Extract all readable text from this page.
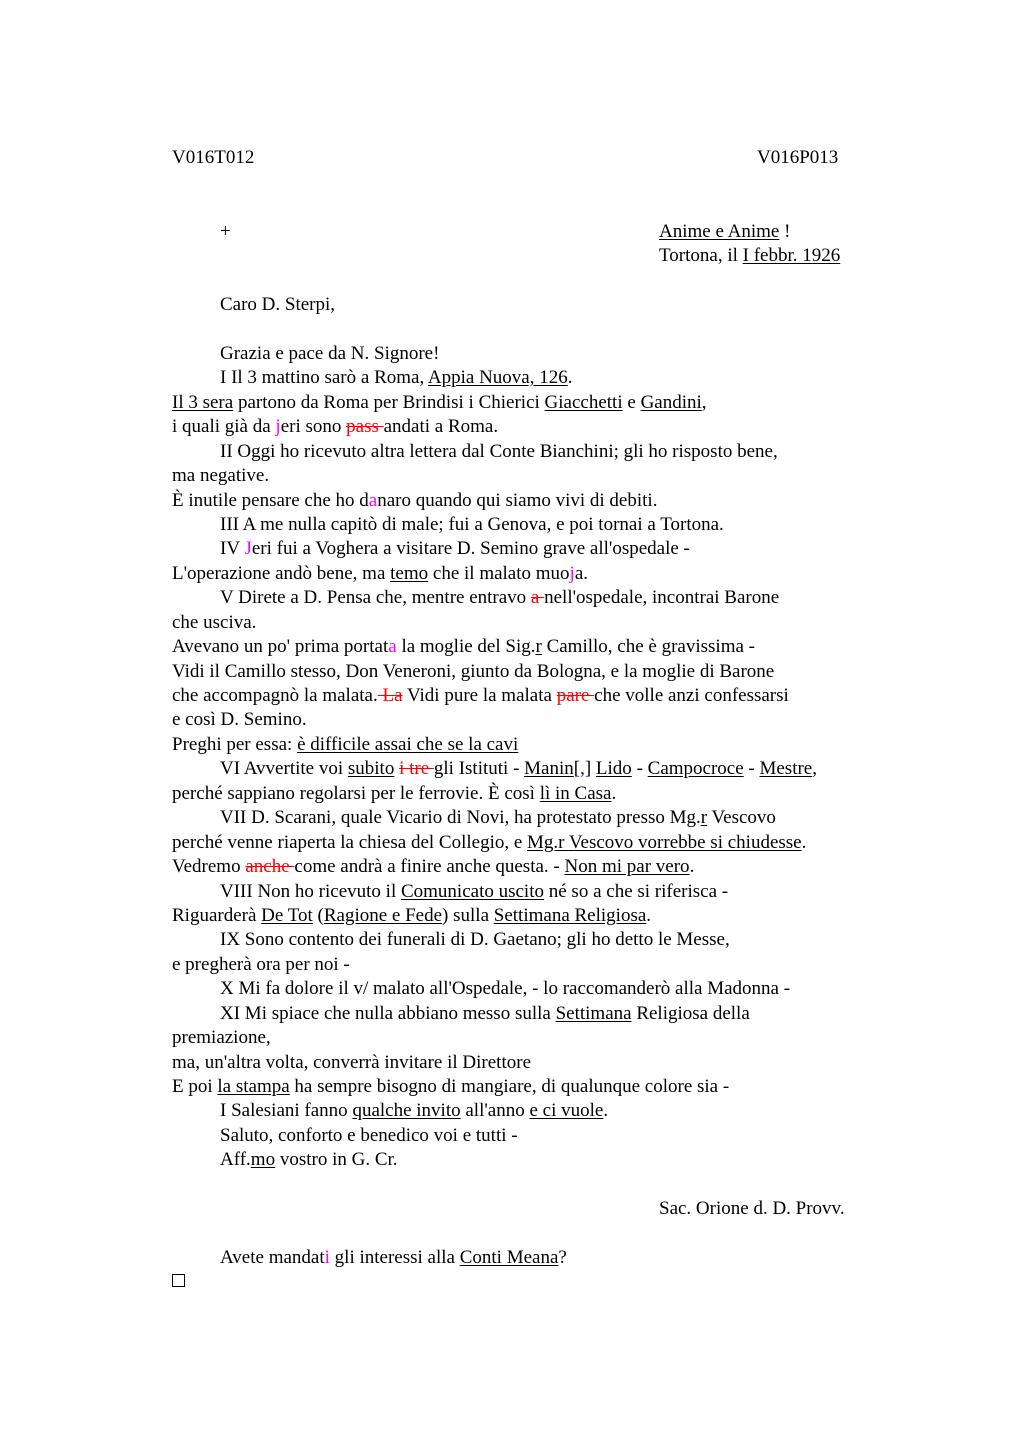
V016T012	V016P013
+	Anime e Anime !
Tortona, il I febbr. 1926
Caro D. Sterpi,
Grazia e pace da N. Signore!
I Il 3 mattino sarò a Roma, Appia Nuova, 126.
Il 3 sera partono da Roma per Brindisi i Chierici Giacchetti e Gandini,
i quali già da jeri sono pass andati a Roma.
II Oggi ho ricevuto altra lettera dal Conte Bianchini; gli ho risposto bene,
ma negative.
È inutile pensare che ho danaro quando qui siamo vivi di debiti.
III A me nulla capitò di male; fui a Genova, e poi tornai a Tortona.
IV Jeri fui a Voghera a visitare D. Semino grave all'ospedale -
L'operazione andò bene, ma temo che il malato muoja.
V Direte a D. Pensa che, mentre entravo a nell'ospedale, incontrai Barone
che usciva.
Avevano un po' prima portata la moglie del Sig.r Camillo, che è gravissima -
Vidi il Camillo stesso, Don Veneroni, giunto da Bologna, e la moglie di Barone
che accompagnò la malata. La Vidi pure la malata pare che volle anzi confessarsi
e così D. Semino.
Preghi per essa: è difficile assai che se la cavi
VI Avvertite voi subito i tre gli Istituti - Manin[,] Lido - Campocroce - Mestre,
perché sappiano regolarsi per le ferrovie. È così lì in Casa.
VII D. Scarani, quale Vicario di Novi, ha protestato presso Mg.r Vescovo
perché venne riaperta la chiesa del Collegio, e Mg.r Vescovo vorrebbe si chiudesse.
Vedremo anche come andrà a finire anche questa. - Non mi par vero.
VIII Non ho ricevuto il Comunicato uscito né so a che si riferisca -
Riguarderà De Tot (Ragione e Fede) sulla Settimana Religiosa.
IX Sono contento dei funerali di D. Gaetano; gli ho detto le Messe,
e pregherà ora per noi -
X Mi fa dolore il v/ malato all'Ospedale, - lo raccomanderò alla Madonna -
XI Mi spiace che nulla abbiano messo sulla Settimana Religiosa della
premiazione,
ma, un'altra volta, converrà invitare il Direttore
E poi la stampa ha sempre bisogno di mangiare, di qualunque colore sia -
I Salesiani fanno qualche invito all'anno e ci vuole.
Saluto, conforto e benedico voi e tutti -
Aff.mo vostro in G. Cr.
Sac. Orione d. D. Provv.
Avete mandati gli interessi alla Conti Meana?
